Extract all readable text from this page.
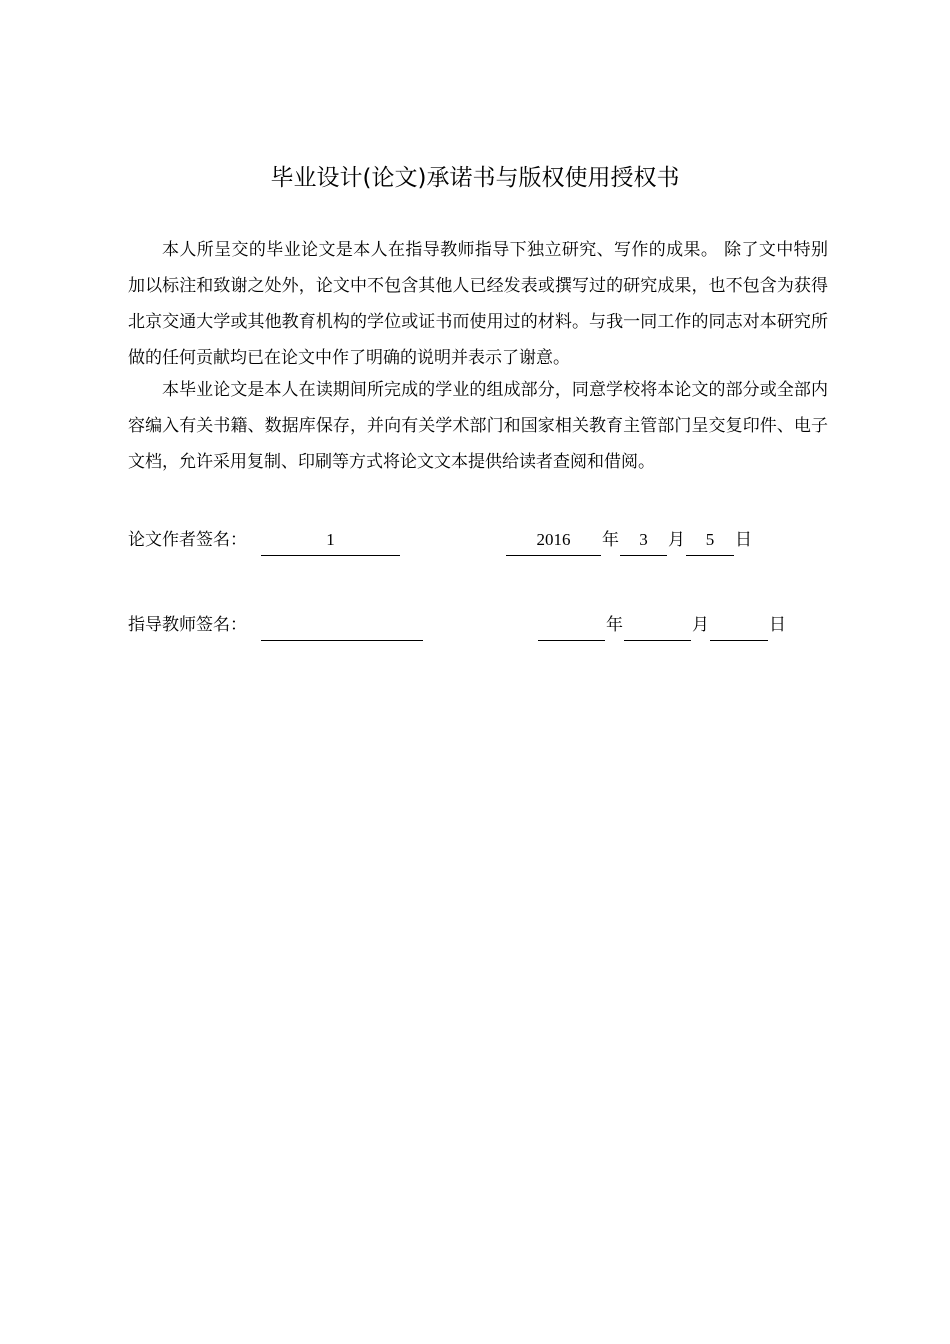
毕业设计(论文)承诺书与版权使用授权书

本人所呈交的毕业论文是本人在指导教师指导下独立研究、写作的成果。 除了文中特别加以标注和致谢之处外，论文中不包含其他人已经发表或撰写过的研究成果，也不包含为获得北京交通大学或其他教育机构的学位或证书而使用过的材料。与我一同工作的同志对本研究所做的任何贡献均已在论文中作了明确的说明并表示了谢意。

本毕业论文是本人在读期间所完成的学业的组成部分，同意学校将本论文的部分或全部内容编入有关书籍、数据库保存，并向有关学术部门和国家相关教育主管部门呈交复印件、电子文档，允许采用复制、印刷等方式将论文文本提供给读者查阅和借阅。

论文作者签名：	1	2016	年	3	月	5	日
指导教师签名：	年	月	日
